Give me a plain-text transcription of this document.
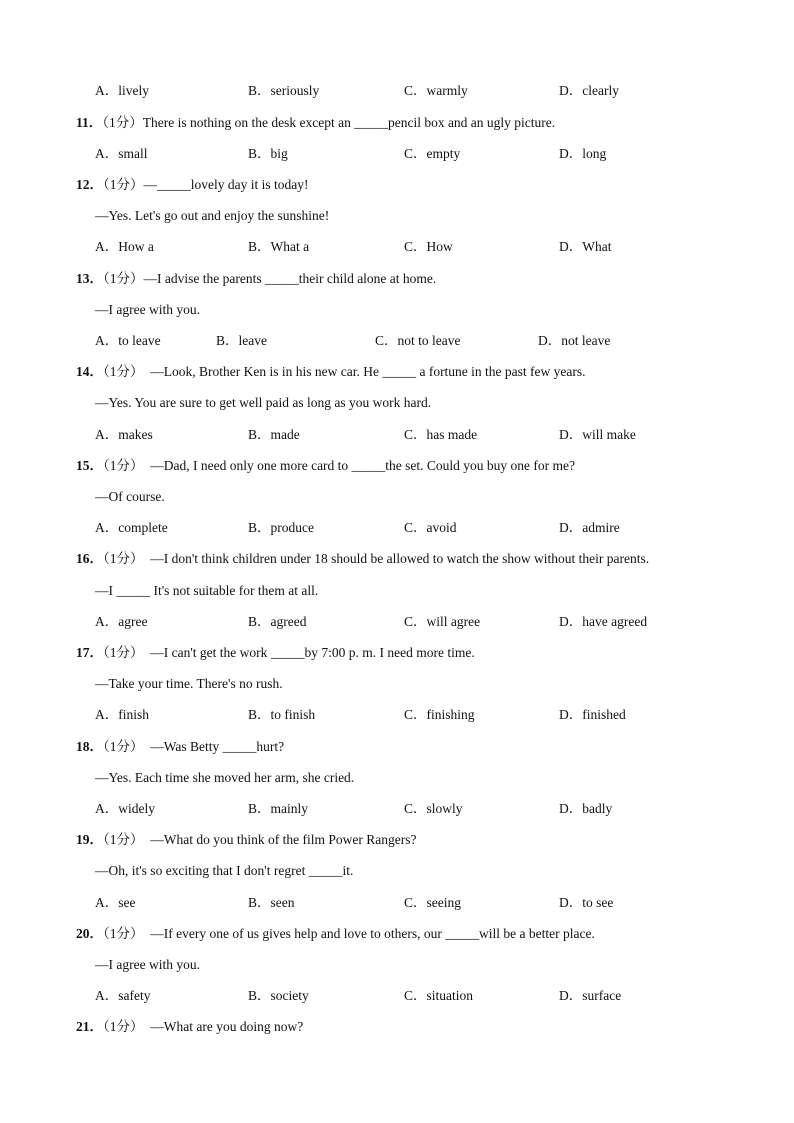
A．lively	B．seriously	C．warmly	D．clearly
11．（1分）There is nothing on the desk except an _____pencil box and an ugly picture.
A．small	B．big	C．empty	D．long
12．（1分）—_____lovely day it is today!
—Yes. Let's go out and enjoy the sunshine!
A．How a	B．What a	C．How	D．What
13．（1分）—I advise the parents _____their child alone at home.
—I agree with you.
A．to leave	B．leave	C．not to leave	D．not leave
14．（1分） —Look, Brother Ken is in his new car. He _____ a fortune in the past few years.
—Yes. You are sure to get well paid as long as you work hard.
A．makes	B．made	C．has made	D．will make
15．（1分） —Dad, I need only one more card to _____the set. Could you buy one for me?
—Of course.
A．complete	B．produce	C．avoid	D．admire
16．（1分） —I don't think children under 18 should be allowed to watch the show without their parents.
—I _____ It's not suitable for them at all.
A．agree	B．agreed	C．will agree	D．have agreed
17．（1分） —I can't get the work _____by 7:00 p. m. I need more time.
—Take your time. There's no rush.
A．finish	B．to finish	C．finishing	D．finished
18．（1分） —Was Betty _____hurt?
—Yes. Each time she moved her arm, she cried.
A．widely	B．mainly	C．slowly	D．badly
19．（1分） —What do you think of the film Power Rangers?
—Oh, it's so exciting that I don't regret _____it.
A．see	B．seen	C．seeing	D．to see
20．（1分） —If every one of us gives help and love to others, our _____will be a better place.
—I agree with you.
A．safety	B．society	C．situation	D．surface
21．（1分） —What are you doing now?
